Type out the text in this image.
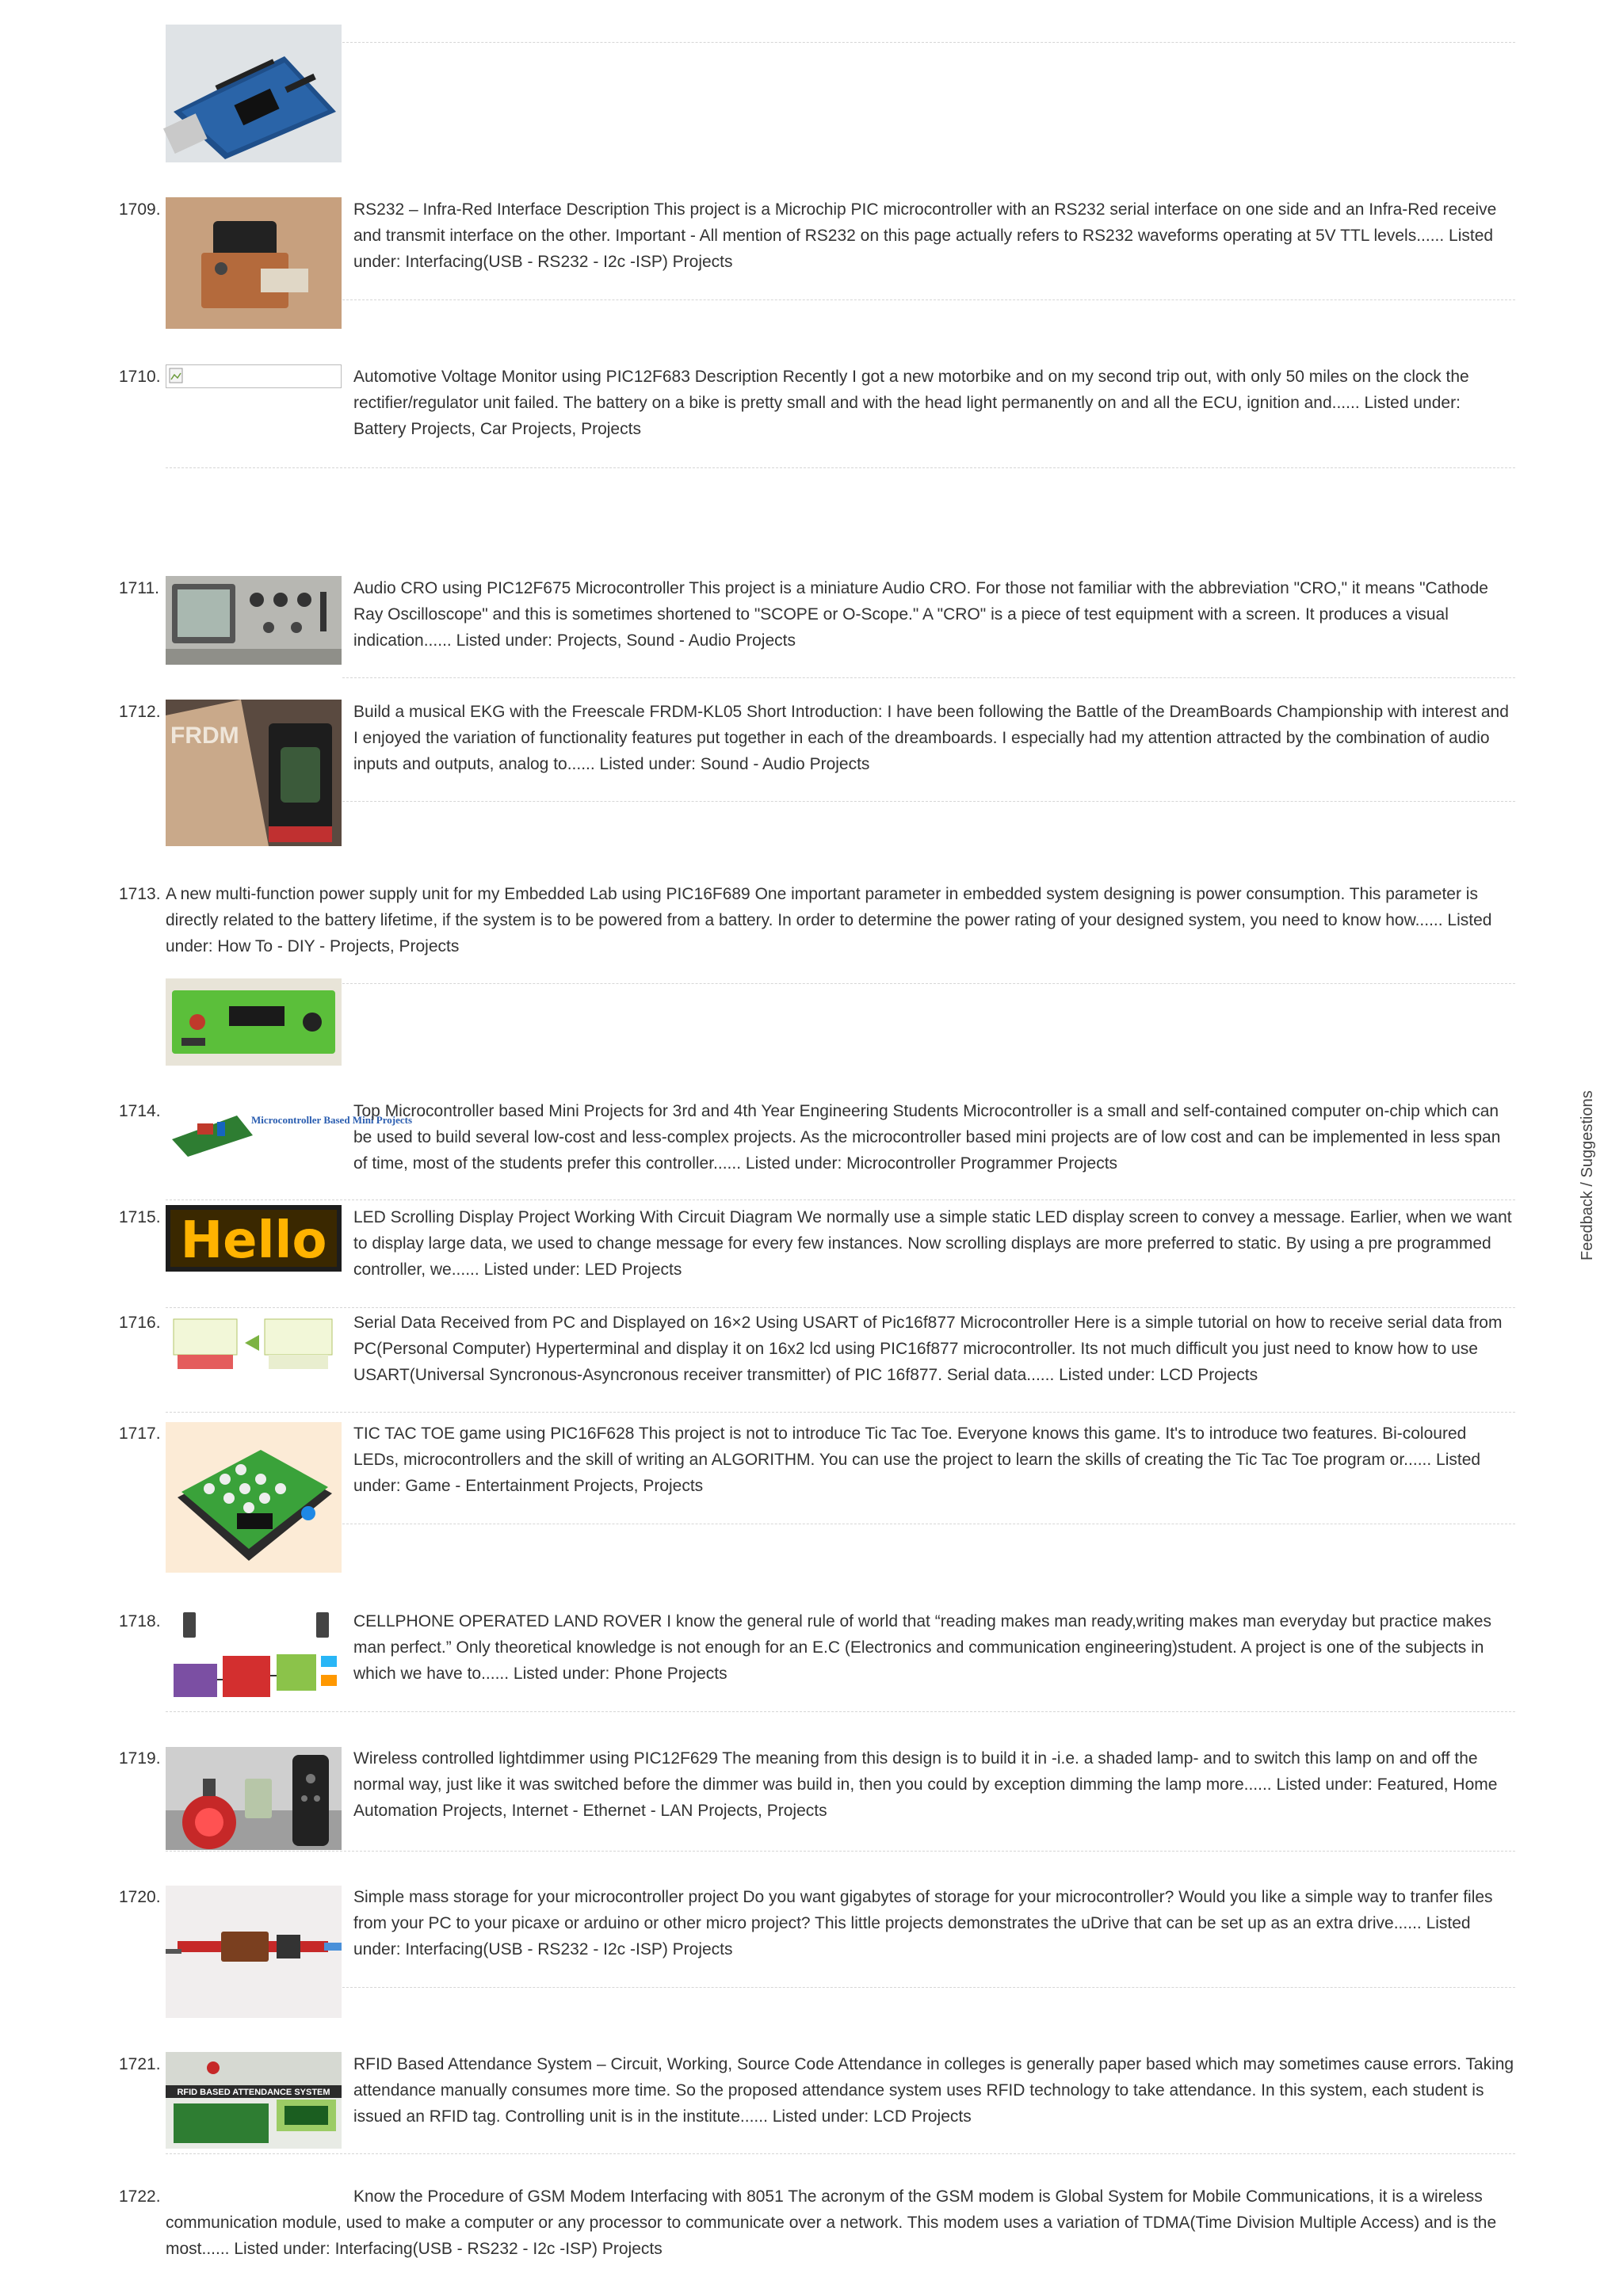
1709.	RS232 – Infra-Red Interface Description This project is a Microchip PIC microcontroller with an RS232 serial interface on one side and an Infra-Red receive and transmit interface on the other. Important - All mention of RS232 on this page actually refers to RS232 waveforms operating at 5V TTL levels...... Listed under: Interfacing(USB - RS232 - I2c -ISP) Projects

1710.	Automotive Voltage Monitor using PIC12F683 Description Recently I got a new motorbike and on my second trip out, with only 50 miles on the clock the rectifier/regulator unit failed. The battery on a bike is pretty small and with the head light permanently on and all the ECU, ignition and...... Listed under: Battery Projects, Car Projects, Projects

1711.	Audio CRO using PIC12F675 Microcontroller This project is a miniature Audio CRO. For those not familiar with the abbreviation "CRO," it means "Cathode Ray Oscilloscope" and this is sometimes shortened to "SCOPE or O-Scope." A "CRO" is a piece of test equipment with a screen. It produces a visual indication...... Listed under: Projects, Sound - Audio Projects

1712.
FRDM

Build a musical EKG with the Freescale FRDM-KL05 Short Introduction: I have been following the Battle of the DreamBoards Championship with interest and I enjoyed the variation of functionality features put together in each of the dreamboards. I especially had my attention attracted by the combination of audio inputs and outputs, analog to...... Listed under: Sound - Audio Projects

1713. A new multi-function power supply unit for my Embedded Lab using PIC16F689 One important parameter in embedded system designing is power consumption. This parameter is directly related to the battery lifetime, if the system is to be powered from a battery. In order to determine the power rating of your designed system, you need to know how...... Listed under: How To - DIY - Projects, Projects

1714.	Microcontroller Based Mini Projects

Top Microcontroller based Mini Projects for 3rd and 4th Year Engineering Students Microcontroller is a small and self-contained computer on-chip which can be used to build several low-cost and less-complex projects. As the microcontroller based mini projects are of low cost and can be implemented in less span of time, most of the students prefer this controller...... Listed under: Microcontroller Programmer Projects

1715. Hello LED Scrolling Display Project Working With Circuit Diagram We normally use a simple static LED display screen to convey a message. Earlier, when we want to display large data, we used to change message for every few instances. Now scrolling displays are more preferred to static. By using a pre programmed controller, we...... Listed under: LED Projects

1716.	Serial Data Received from PC and Displayed on 16×2 Using USART of Pic16f877 Microcontroller Here is a simple tutorial on how to receive serial data from PC(Personal Computer) Hyperterminal and display it on 16x2 lcd using PIC16f877 microcontroller. Its not much difficult you just need to know how to use USART(Universal Syncronous-Asyncronous receiver transmitter) of PIC 16f877. Serial data...... Listed under: LCD Projects

1717.	TIC TAC TOE game using PIC16F628 This project is not to introduce Tic Tac Toe. Everyone knows this game. It's to introduce two features. Bi-coloured LEDs, microcontrollers and the skill of writing an ALGORITHM. You can use the project to learn the skills of creating the Tic Tac Toe program or...... Listed under: Game - Entertainment Projects, Projects

1718.	CELLPHONE OPERATED LAND ROVER I know the general rule of world that “reading makes man ready,writing makes man everyday but practice makes man perfect.” Only theoretical knowledge is not enough for an E.C (Electronics and communication engineering)student. A project is one of the subjects in which we have to...... Listed under: Phone Projects

1719.	Wireless controlled lightdimmer using PIC12F629 The meaning from this design is to build it in -i.e. a shaded lamp- and to switch this lamp on and off the normal way, just like it was switched before the dimmer was build in, then you could by exception dimming the lamp more...... Listed under: Featured, Home Automation Projects, Internet - Ethernet - LAN Projects, Projects

1720.	Simple mass storage for your microcontroller project Do you want gigabytes of storage for your microcontroller? Would you like a simple way to tranfer files from your PC to your picaxe or arduino or other micro project? This little projects demonstrates the uDrive that can be set up as an extra drive...... Listed under: Interfacing(USB - RS232 - I2c -ISP) Projects

1721.
RFID BASED ATTENDANCE SYSTEM

RFID Based Attendance System – Circuit, Working, Source Code Attendance in colleges is generally paper based which may sometimes cause errors. Taking attendance manually consumes more time. So the proposed attendance system uses RFID technology to take attendance. In this system, each student is issued an RFID tag. Controlling unit is in the institute...... Listed under: LCD Projects

1722.	Know the Procedure of GSM Modem Interfacing with 8051 The acronym of the GSM modem is Global System for Mobile Communications, it is a wireless communication module, used to make a computer or any processor to communicate over a network. This modem uses a variation of TDMA(Time Division Multiple Access) and is the most...... Listed under: Interfacing(USB - RS232 - I2c -ISP) Projects

Feedback / Suggestions
